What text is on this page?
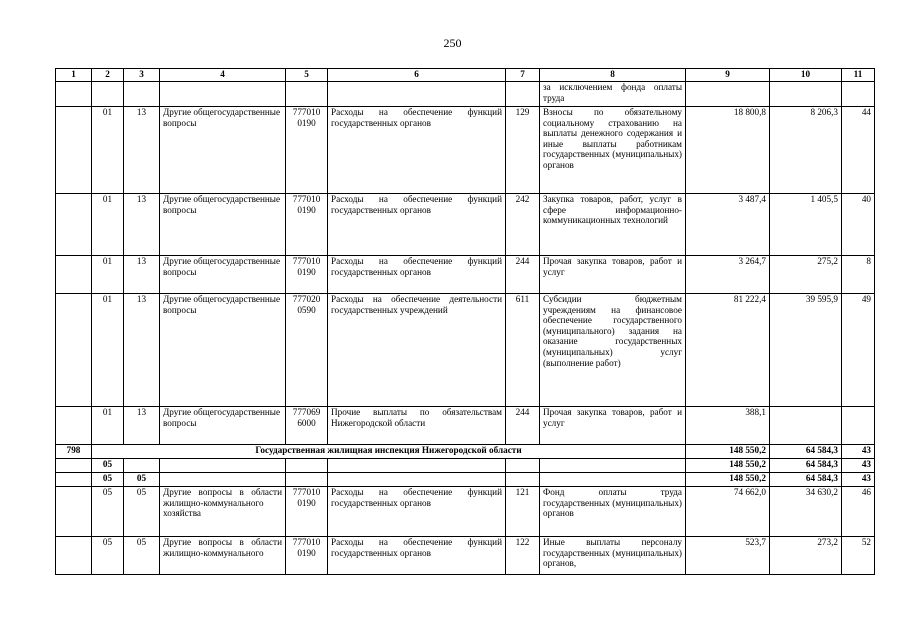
250
1	2	3	4	5	6	7	8	9	10	11
							за исключением фонда оплаты труда			
	01	13	Другие общегосударственные вопросы	777010 0190	Расходы на обеспечение функций государственных органов	129	Взносы по обязательному социальному страхованию на выплаты денежного содержания и иные выплаты работникам государственных (муниципальных) органов	18 800,8	8 206,3	44
	01	13	Другие общегосударственные вопросы	777010 0190	Расходы на обеспечение функций государственных органов	242	Закупка товаров, работ, услуг в сфере информационно-коммуникационных технологий	3 487,4	1 405,5	40
	01	13	Другие общегосударственные вопросы	777010 0190	Расходы на обеспечение функций государственных органов	244	Прочая закупка товаров, работ и услуг	3 264,7	275,2	8
	01	13	Другие общегосударственные вопросы	777020 0590	Расходы на обеспечение деятельности государственных учреждений	611	Субсидии бюджетным учреждениям на финансовое обеспечение государственного (муниципального) задания на оказание государственных (муниципальных) услуг (выполнение работ)	81 222,4	39 595,9	49
	01	13	Другие общегосударственные вопросы	777069 6000	Прочие выплаты по обязательствам Нижегородской области	244	Прочая закупка товаров, работ и услуг	388,1		
798	Государственная жилищная инспекция Нижегородской области							148 550,2	64 584,3	43
	05							148 550,2	64 584,3	43
	05	05						148 550,2	64 584,3	43
	05	05	Другие вопросы в области жилищно-коммунального хозяйства	777010 0190	Расходы на обеспечение функций государственных органов	121	Фонд оплаты труда государственных (муниципальных) органов	74 662,0	34 630,2	46
	05	05	Другие вопросы в области жилищно-коммунального	777010 0190	Расходы на обеспечение функций государственных органов	122	Иные выплаты персоналу государственных (муниципальных) органов,	523,7	273,2	52
